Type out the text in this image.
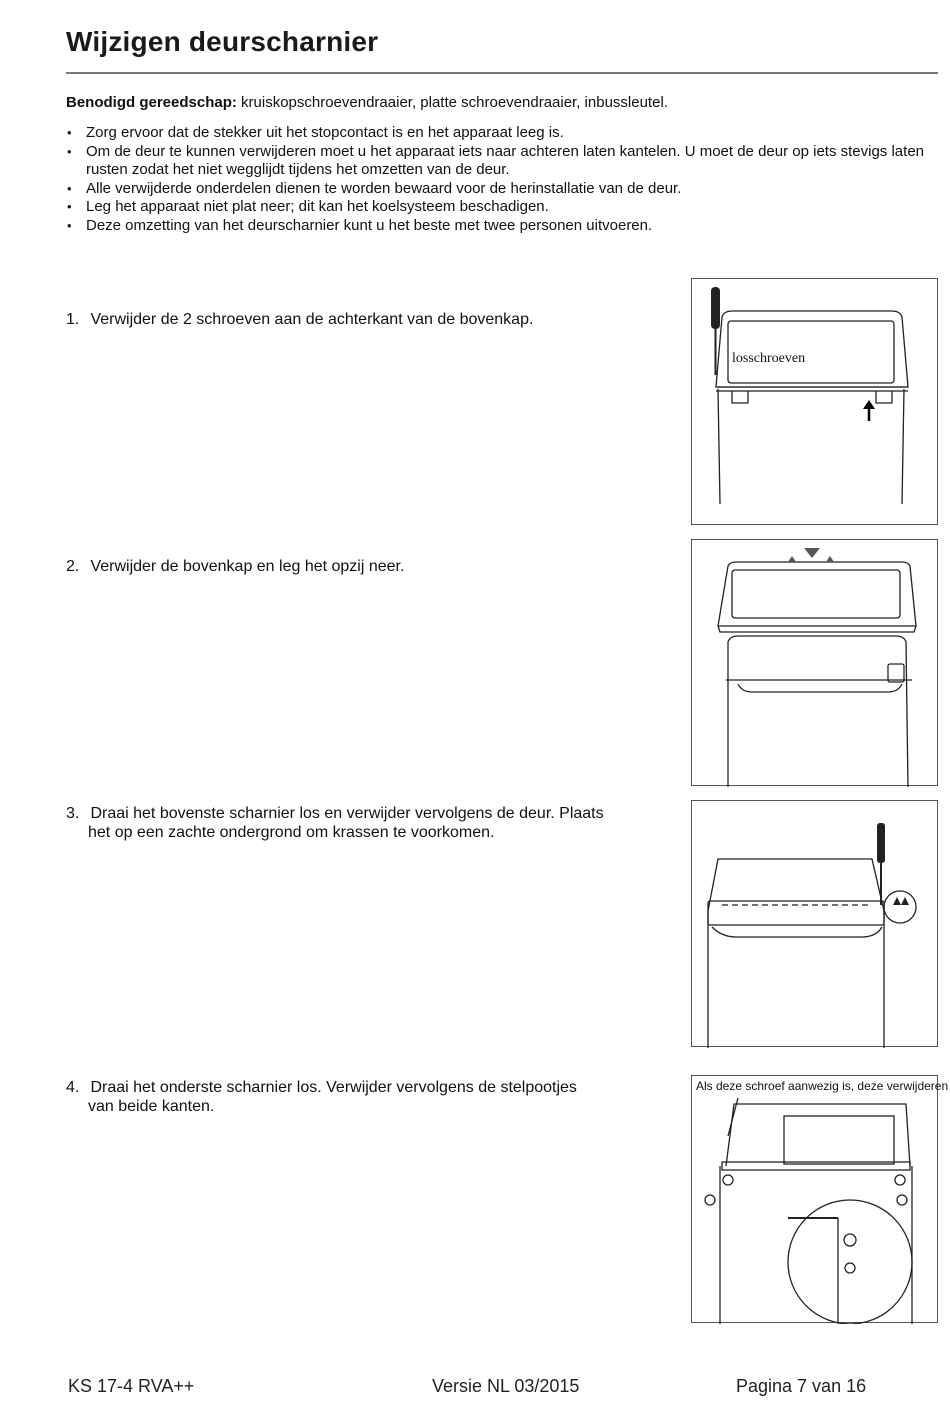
Wijzigen deurscharnier
Benodigd gereedschap: kruiskopschroevendraaier, platte schroevendraaier, inbussleutel.
• Zorg ervoor dat de stekker uit het stopcontact is en het apparaat leeg is.
• Om de deur te kunnen verwijderen moet u het apparaat iets naar achteren laten kantelen. U moet de deur op iets stevigs laten rusten zodat het niet wegglijdt tijdens het omzetten van de deur.
• Alle verwijderde onderdelen dienen te worden bewaard voor de herinstallatie van de deur.
• Leg het apparaat niet plat neer; dit kan het koelsysteem beschadigen.
• Deze omzetting van het deurscharnier kunt u het beste met twee personen uitvoeren.
1. Verwijder de 2 schroeven aan de achterkant van de bovenkap.
losschroeven
2. Verwijder de bovenkap en leg het opzij neer.
3. Draai het bovenste scharnier los en verwijder vervolgens de deur. Plaats
het op een zachte ondergrond om krassen te voorkomen.
4. Draai het onderste scharnier los. Verwijder vervolgens de stelpootjes
van beide kanten.
Als deze schroef aanwezig is, deze verwijderen
KS 17-4 RVA++	Versie NL 03/2015	Pagina 7 van 16
